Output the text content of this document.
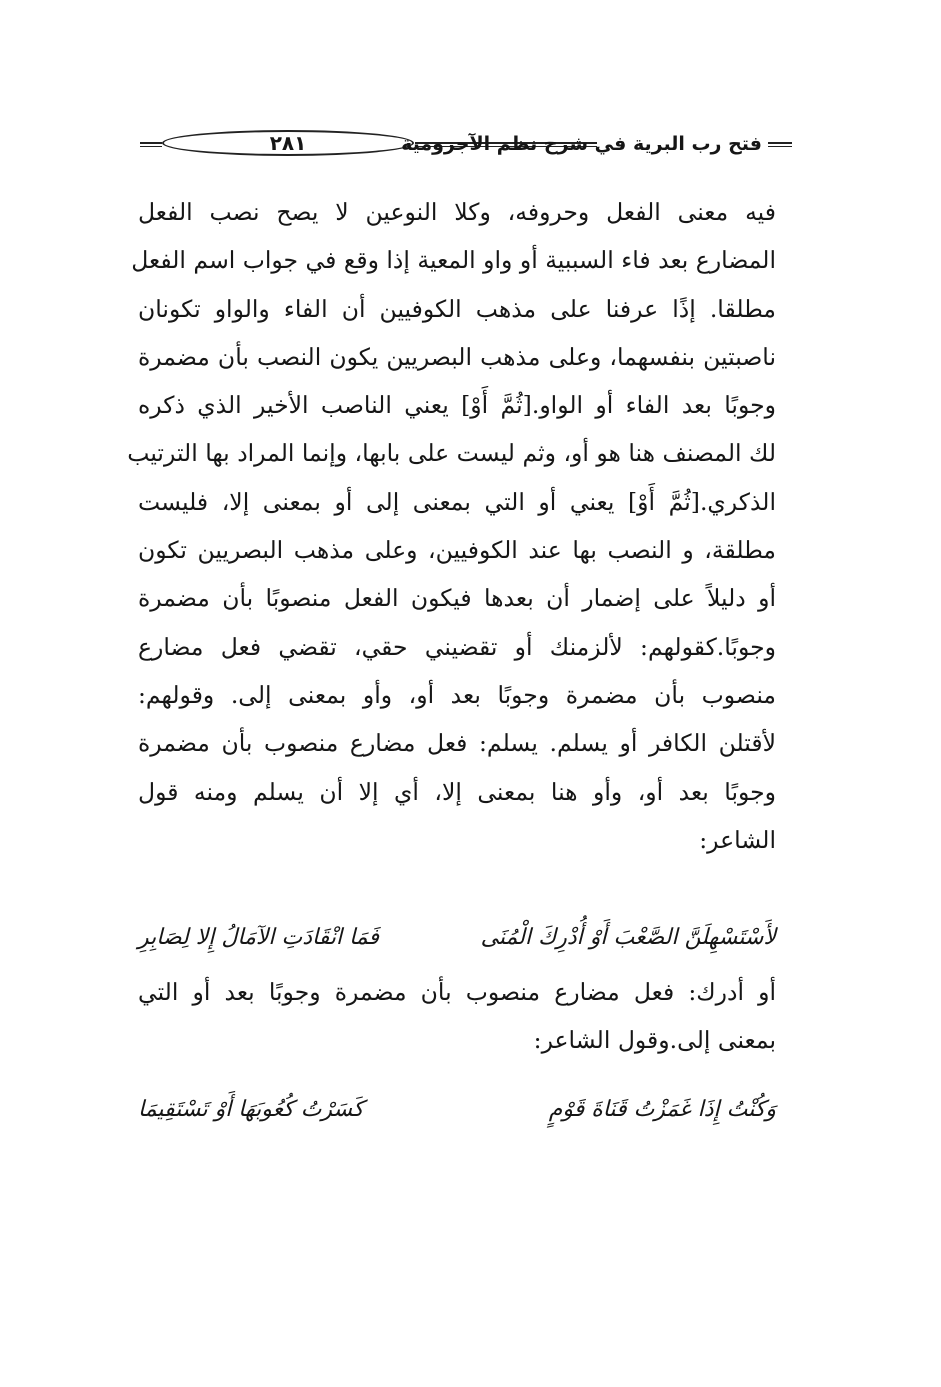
٢٨١	فتح رب البرية في شرح نظم الآجرومية
فيه معنى الفعل وحروفه، وكلا النوعين لا يصح نصب الفعل
المضارع بعد فاء السببية أو واو المعية إذا وقع في جواب اسم الفعل
مطلقا. إذًا عرفنا على مذهب الكوفيين أن الفاء والواو تكونان
ناصبتين بنفسهما، وعلى مذهب البصريين يكون النصب بأن مضمرة
وجوبًا بعد الفاء أو الواو.[ثُمَّ أَوْ] يعني الناصب الأخير الذي ذكره
لك المصنف هنا هو أو، وثم ليست على بابها، وإنما المراد بها الترتيب
الذكري.[ثُمَّ أَوْ] يعني أو التي بمعنى إلى أو بمعنى إلا، فليست
مطلقة، و النصب بها عند الكوفيين، وعلى مذهب البصريين تكون
أو دليلاً على إضمار أن بعدها فيكون الفعل منصوبًا بأن مضمرة
وجوبًا.كقولهم: لألزمنك أو تقضيني حقي، تقضي فعل مضارع
منصوب بأن مضمرة وجوبًا بعد أو، وأو بمعنى إلى. وقولهم:
لأقتلن الكافر أو يسلم. يسلم: فعل مضارع منصوب بأن مضمرة
وجوبًا بعد أو، وأو هنا بمعنى إلا، أي إلا أن يسلم ومنه قول
الشاعر:
لأَسْتَسْهِلَنَّ الصَّعْبَ أَوْ أُدْرِكَ الْمُنَى
فَمَا انْقَادَتِ الآمَالُ إِلا لِصَابِرِ
أو أدرك: فعل مضارع منصوب بأن مضمرة وجوبًا بعد أو التي
بمعنى إلى.وقول الشاعر:
وَكُنْتُ إِذَا غَمَزْتُ قَنَاةَ قَوْمٍ
كَسَرْتُ كُعُوبَهَا أَوْ تَسْتَقِيمَا
